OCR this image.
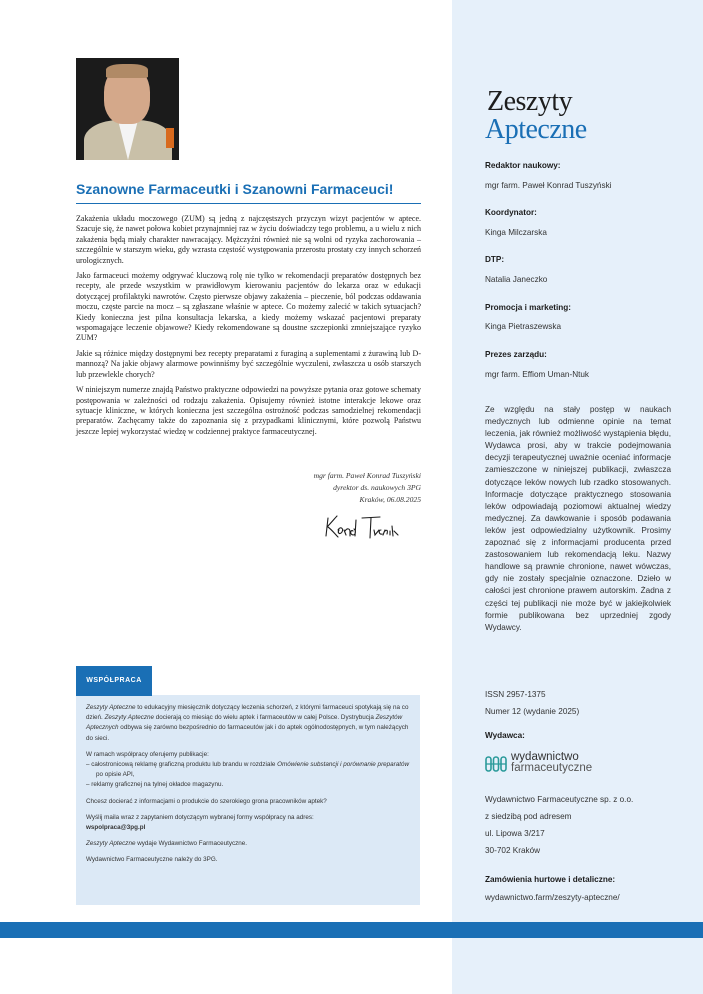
Szanowne Farmaceutki i Szanowni Farmaceuci!

Zakażenia układu moczowego (ZUM) są jedną z najczęstszych przyczyn wizyt pacjentów w aptece. Szacuje się, że nawet połowa kobiet przynajmniej raz w życiu doświadczy tego problemu, a u wielu z nich zakażenia będą miały charakter nawracający. Mężczyźni również nie są wolni od ryzyka zachorowania – szczególnie w starszym wieku, gdy wzrasta częstość występowania przerostu prostaty czy innych schorzeń urologicznych.

Jako farmaceuci możemy odgrywać kluczową rolę nie tylko w rekomendacji preparatów dostępnych bez recepty, ale przede wszystkim w prawidłowym kierowaniu pacjentów do lekarza oraz w edukacji dotyczącej profilaktyki nawrotów. Często pierwsze objawy zakażenia – pieczenie, ból podczas oddawania moczu, częste parcie na mocz – są zgłaszane właśnie w aptece. Co możemy zalecić w takich sytuacjach? Kiedy konieczna jest pilna konsultacja lekarska, a kiedy możemy wskazać pacjentowi preparaty wspomagające leczenie objawowe? Kiedy rekomendowane są doustne szczepionki zmniejszające ryzyko ZUM?

Jakie są różnice między dostępnymi bez recepty preparatami z furaginą a suplementami z żurawiną lub D-mannozą? Na jakie objawy alarmowe powinniśmy być szczególnie wyczuleni, zwłaszcza u osób starszych lub przewlekle chorych?

W niniejszym numerze znajdą Państwo praktyczne odpowiedzi na powyższe pytania oraz gotowe schematy postępowania w zależności od rodzaju zakażenia. Opisujemy również istotne interakcje lekowe oraz sytuacje kliniczne, w których konieczna jest szczególna ostrożność podczas samodzielnej rekomendacji preparatów. Zachęcamy także do zapoznania się z przypadkami klinicznymi, które pozwolą Państwu jeszcze lepiej wykorzystać wiedzę w codziennej praktyce farmaceutycznej.

mgr farm. Paweł Konrad Tuszyński
dyrektor ds. naukowych 3PG
Kraków, 06.08.2025
WSPÓŁPRACA

Zeszyty Apteczne to edukacyjny miesięcznik dotyczący leczenia schorzeń, z którymi farmaceuci spotykają się na co dzień. Zeszyty Apteczne docierają co miesiąc do wielu aptek i farmaceutów w całej Polsce. Dystrybucja Zeszytów Aptecznych odbywa się zarówno bezpośrednio do farmaceutów jak i do aptek ogólnodostępnych, w tym należących do sieci.

W ramach współpracy oferujemy publikacje:
– całostronicową reklamę graficzną produktu lub brandu w rozdziale Omówienie substancji i porównanie preparatów po opisie API,
– reklamy graficznej na tylnej okładce magazynu.

Chcesz docierać z informacjami o produkcie do szerokiego grona pracowników aptek?

Wyślij maila wraz z zapytaniem dotyczącym wybranej formy współpracy na adres:
wspolpraca@3pg.pl

Zeszyty Apteczne wydaje Wydawnictwo Farmaceutyczne.

Wydawnictwo Farmaceutyczne należy do 3PG.

Zeszyty
Apteczne
Redaktor naukowy:
mgr farm. Paweł Konrad Tuszyński
Koordynator:
Kinga Milczarska
DTP:
Natalia Janeczko
Promocja i marketing:
Kinga Pietraszewska
Prezes zarządu:
mgr farm. Effiom Uman-Ntuk
Ze względu na stały postęp w naukach medycznych lub odmienne opinie na temat leczenia, jak również możliwość wystąpienia błędu, Wydawca prosi, aby w trakcie podejmowania decyzji terapeutycznej uważnie oceniać informacje zamieszczone w niniejszej publikacji, zwłaszcza dotyczące leków nowych lub rzadko stosowanych. Informacje dotyczące praktycznego stosowania leków odpowiadają poziomowi aktualnej wiedzy medycznej. Za dawkowanie i sposób podawania leków jest odpowiedzialny użytkownik. Prosimy zapoznać się z informacjami producenta przed zastosowaniem lub rekomendacją leku. Nazwy handlowe są prawnie chronione, nawet wówczas, gdy nie zostały specjalnie oznaczone. Dzieło w całości jest chronione prawem autorskim. Żadna z części tej publikacji nie może być w jakiejkolwiek formie publikowana bez uprzedniej zgody Wydawcy.
ISSN 2957-1375
Numer 12 (wydanie 2025)
Wydawca:
wydawnictwo
farmaceutyczne
Wydawnictwo Farmaceutyczne sp. z o.o.
z siedzibą pod adresem
ul. Lipowa 3/217
30-702 Kraków
Zamówienia hurtowe i detaliczne:
wydawnictwo.farm/zeszyty-apteczne/
